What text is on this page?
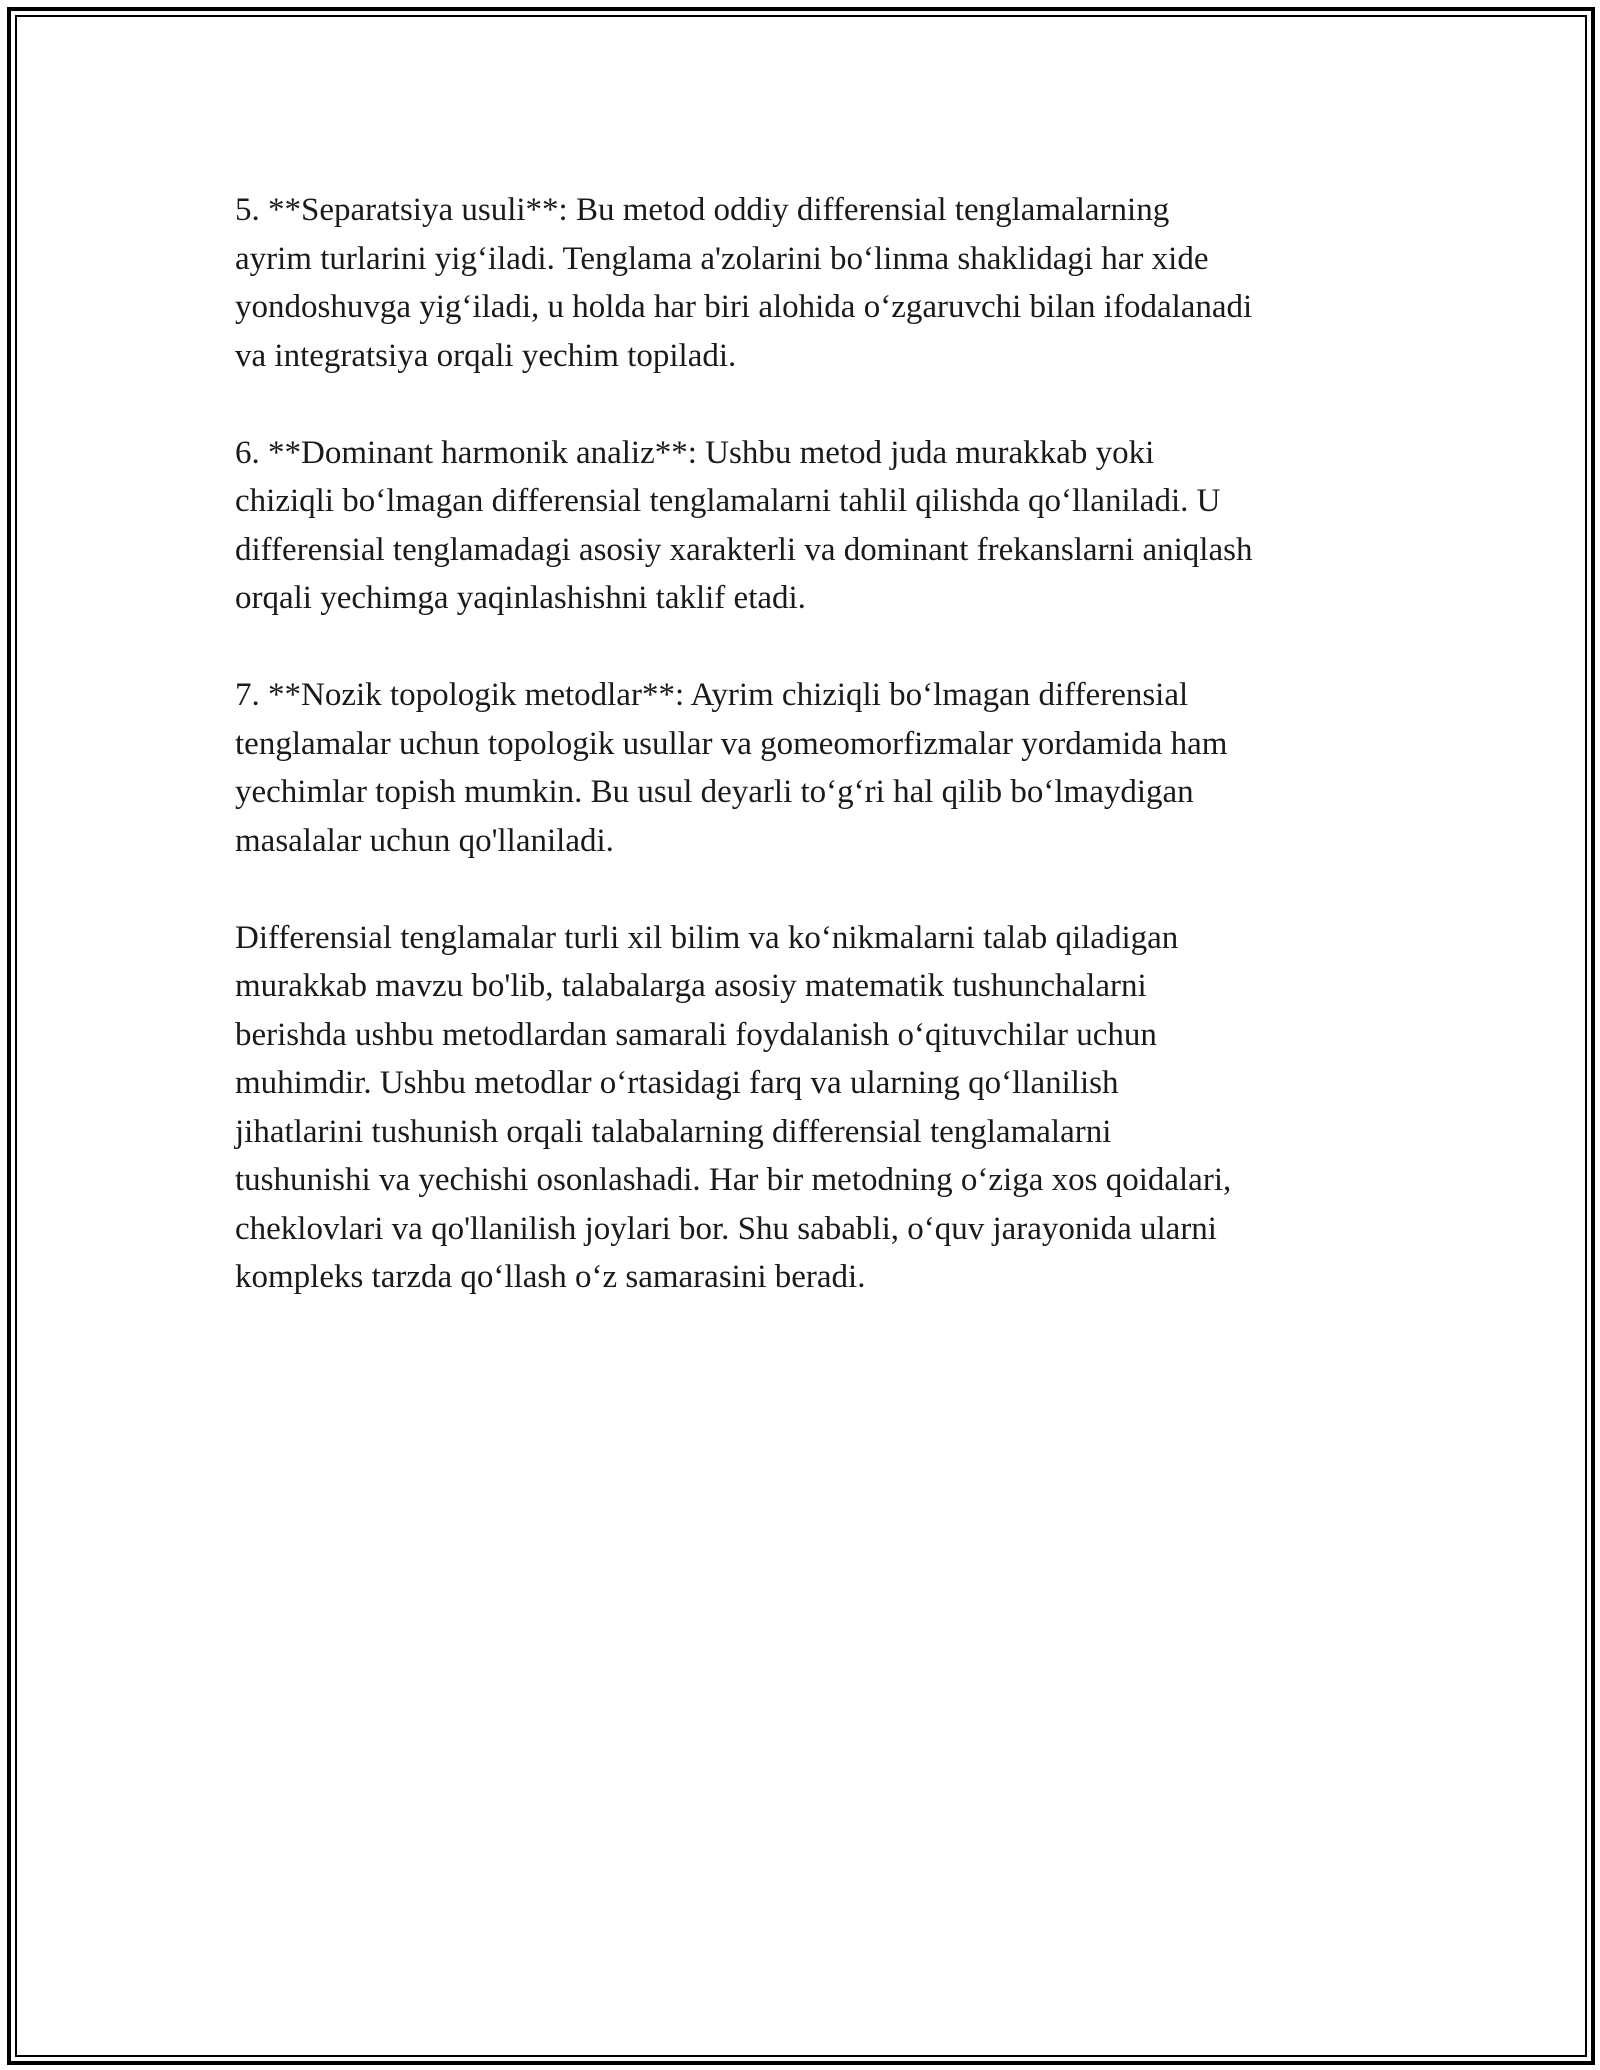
5. **Separatsiya usuli**: Bu metod oddiy differensial tenglamalarning
ayrim turlarini yig‘iladi. Tenglama a'zolarini bo‘linma shaklidagi har xide
yondoshuvga yig‘iladi, u holda har biri alohida o‘zgaruvchi bilan ifodalanadi
va integratsiya orqali yechim topiladi.

6. **Dominant harmonik analiz**: Ushbu metod juda murakkab yoki
chiziqli bo‘lmagan differensial tenglamalarni tahlil qilishda qo‘llaniladi. U
differensial tenglamadagi asosiy xarakterli va dominant frekanslarni aniqlash
orqali yechimga yaqinlashishni taklif etadi.

7. **Nozik topologik metodlar**: Ayrim chiziqli bo‘lmagan differensial
tenglamalar uchun topologik usullar va gomeomorfizmalar yordamida ham
yechimlar topish mumkin. Bu usul deyarli to‘g‘ri hal qilib bo‘lmaydigan
masalalar uchun qo'llaniladi.

Differensial tenglamalar turli xil bilim va ko‘nikmalarni talab qiladigan
murakkab mavzu bo'lib, talabalarga asosiy matematik tushunchalarni
berishda ushbu metodlardan samarali foydalanish o‘qituvchilar uchun
muhimdir. Ushbu metodlar o‘rtasidagi farq va ularning qo‘llanilish
jihatlarini tushunish orqali talabalarning differensial tenglamalarni
tushunishi va yechishi osonlashadi. Har bir metodning o‘ziga xos qoidalari,
cheklovlari va qo'llanilish joylari bor. Shu sababli, o‘quv jarayonida ularni
kompleks tarzda qo‘llash o‘z samarasini beradi.
